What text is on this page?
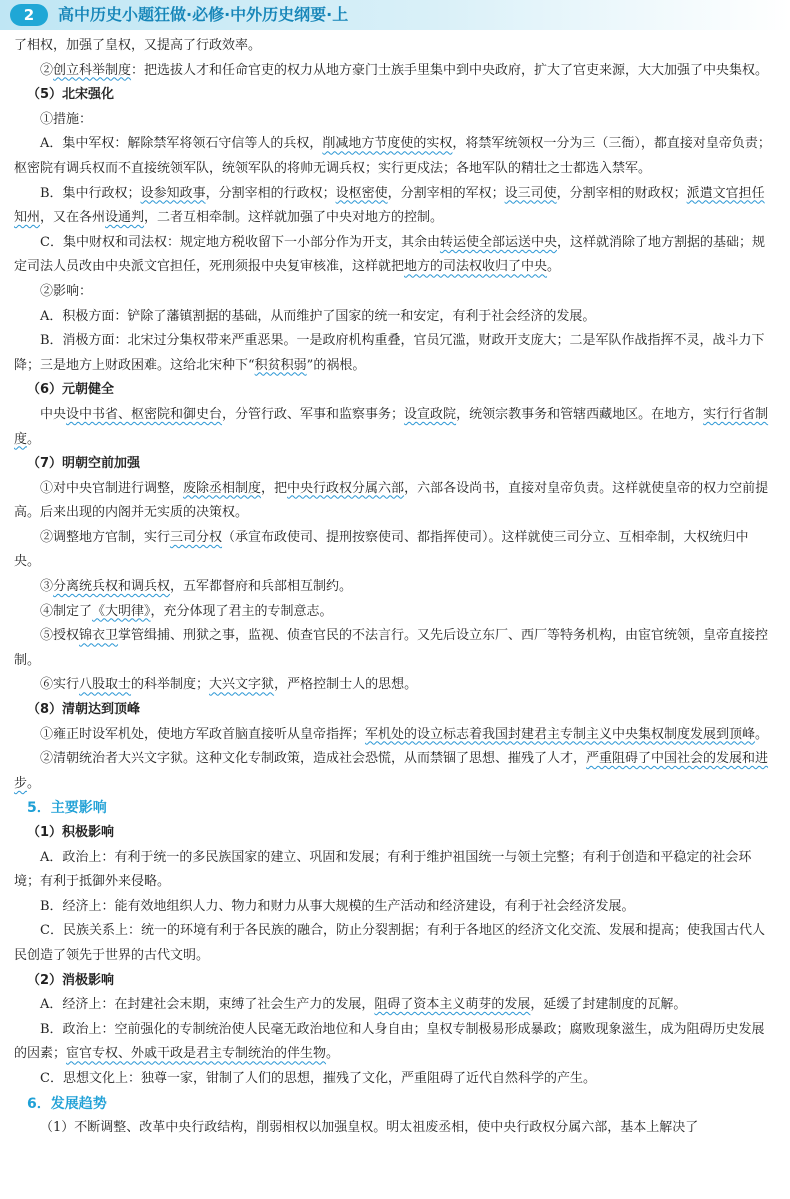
2	高中历史小题狂做·必修·中外历史纲要·上

了相权，加强了皇权，又提高了行政效率。

②创立科举制度：把选拔人才和任命官吏的权力从地方豪门士族手里集中到中央政府，扩大了官吏来源，大大加强了中央集权。

（5）北宋强化

①措施：

A．集中军权：解除禁军将领石守信等人的兵权，削减地方节度使的实权，将禁军统领权一分为三（三衙），都直接对皇帝负责；枢密院有调兵权而不直接统领军队，统领军队的将帅无调兵权；实行更戍法；各地军队的精壮之士都选入禁军。

B．集中行政权；设参知政事，分割宰相的行政权；设枢密使，分割宰相的军权；设三司使，分割宰相的财政权；派遣文官担任知州，又在各州设通判，二者互相牵制。这样就加强了中央对地方的控制。

C．集中财权和司法权：规定地方税收留下一小部分作为开支，其余由转运使全部运送中央，这样就消除了地方割据的基础；规定司法人员改由中央派文官担任，死刑须报中央复审核准，这样就把地方的司法权收归了中央。

②影响：

A．积极方面：铲除了藩镇割据的基础，从而维护了国家的统一和安定，有利于社会经济的发展。

B．消极方面：北宋过分集权带来严重恶果。一是政府机构重叠，官员冗滥，财政开支庞大；二是军队作战指挥不灵，战斗力下降；三是地方上财政困难。这给北宋种下“积贫积弱”的祸根。

（6）元朝健全

中央设中书省、枢密院和御史台，分管行政、军事和监察事务；设宣政院，统领宗教事务和管辖西藏地区。在地方，实行行省制度。

（7）明朝空前加强

①对中央官制进行调整，废除丞相制度，把中央行政权分属六部，六部各设尚书，直接对皇帝负责。这样就使皇帝的权力空前提高。后来出现的内阁并无实质的决策权。

②调整地方官制，实行三司分权（承宣布政使司、提刑按察使司、都指挥使司）。这样就使三司分立、互相牵制，大权统归中央。

③分离统兵权和调兵权，五军都督府和兵部相互制约。

④制定了《大明律》，充分体现了君主的专制意志。

⑤授权锦衣卫掌管缉捕、刑狱之事，监视、侦查官民的不法言行。又先后设立东厂、西厂等特务机构，由宦官统领，皇帝直接控制。

⑥实行八股取士的科举制度；大兴文字狱，严格控制士人的思想。

（8）清朝达到顶峰

①雍正时设军机处，使地方军政首脑直接听从皇帝指挥；军机处的设立标志着我国封建君主专制主义中央集权制度发展到顶峰。

②清朝统治者大兴文字狱。这种文化专制政策，造成社会恐慌，从而禁锢了思想、摧残了人才，严重阻碍了中国社会的发展和进步。

5．主要影响

（1）积极影响

A．政治上：有利于统一的多民族国家的建立、巩固和发展；有利于维护祖国统一与领土完整；有利于创造和平稳定的社会环境；有利于抵御外来侵略。

B．经济上：能有效地组织人力、物力和财力从事大规模的生产活动和经济建设，有利于社会经济发展。

C．民族关系上：统一的环境有利于各民族的融合，防止分裂割据；有利于各地区的经济文化交流、发展和提高；使我国古代人民创造了领先于世界的古代文明。

（2）消极影响

A．经济上：在封建社会末期，束缚了社会生产力的发展，阻碍了资本主义萌芽的发展，延缓了封建制度的瓦解。

B．政治上：空前强化的专制统治使人民毫无政治地位和人身自由；皇权专制极易形成暴政；腐败现象滋生，成为阻碍历史发展的因素；宦官专权、外戚干政是君主专制统治的伴生物。

C．思想文化上：独尊一家，钳制了人们的思想，摧残了文化，严重阻碍了近代自然科学的产生。

6．发展趋势

（1）不断调整、改革中央行政结构，削弱相权以加强皇权。明太祖废丞相，使中央行政权分属六部，基本上解决了
